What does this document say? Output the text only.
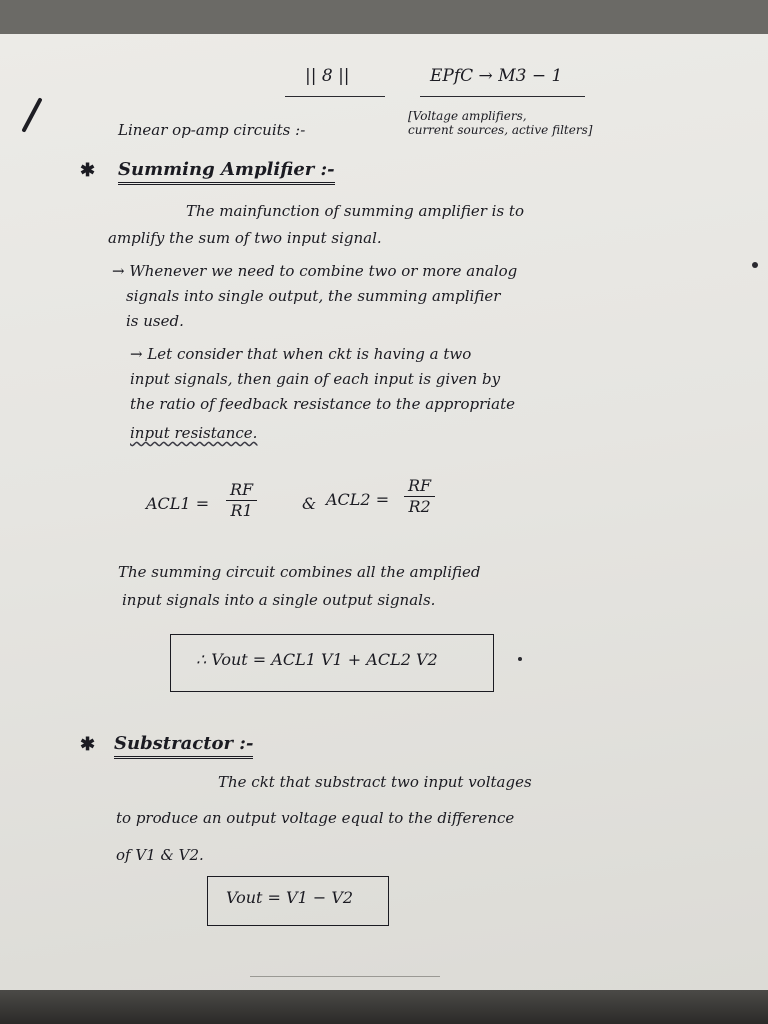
|| 8 ||	EPfC → M3 − 1
Linear op-amp circuits :-
[Voltage amplifiers,
current sources, active filters]
✱ Summing Amplifier :-
The mainfunction of summing amplifier is to
amplify the sum of two input signal.
→ Whenever we need to combine two or more analog
signals into single output, the summing amplifier
is used.
→ Let consider that when ckt is having a two
input signals, then gain of each input is given by
the ratio of feedback resistance to the appropriate
input resistance.
$ACL1 = \frac{RF}{R1}$	& $ACL2 = \frac{RF}{R2}$
The summing circuit combines all the amplified
input signals into a single output signals.
∴ Vout = ACL1 V1 + ACL2 V2
✱ Substractor :-
The ckt that substract two input voltages
to produce an output voltage equal to the difference
of V1 & V2.
Vout = V1 − V2
